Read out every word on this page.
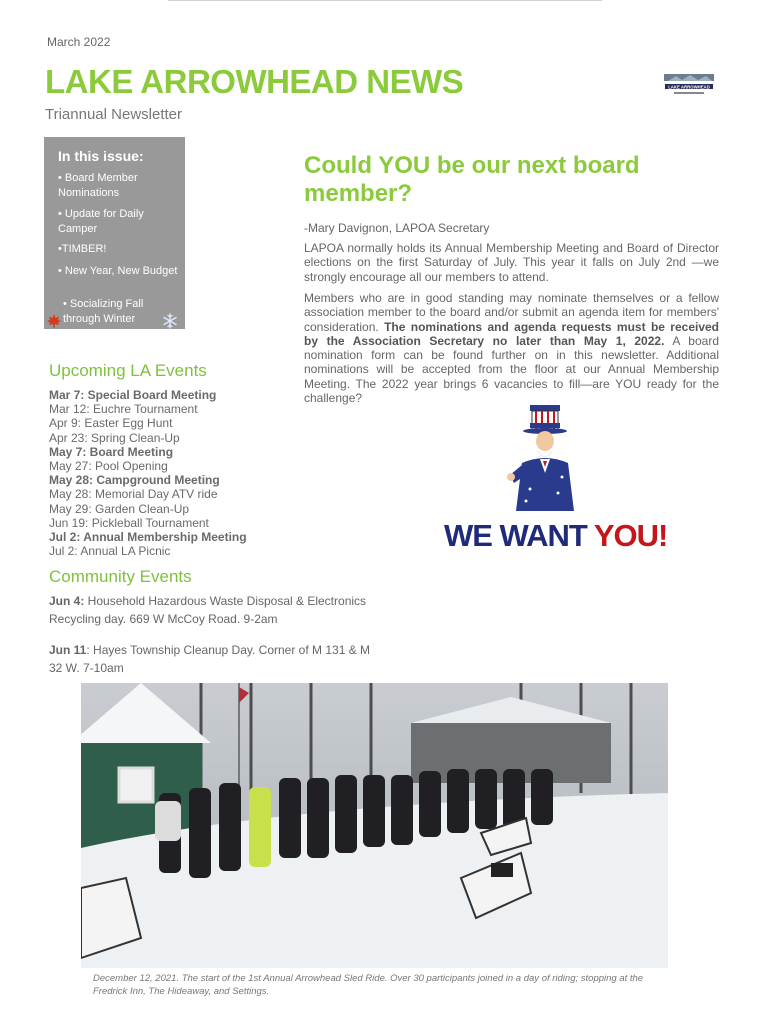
March 2022
LAKE ARROWHEAD NEWS
Triannual Newsletter
LAKE ARROWHEAD
In this issue:
• Board Member Nominations
• Update for Daily Camper
•TIMBER!
• New Year, New Budget
• Socializing Fall through Winter
Upcoming LA Events
Mar 7: Special Board Meeting
Mar 12: Euchre Tournament
Apr 9: Easter Egg Hunt
Apr 23: Spring Clean-Up
May 7: Board Meeting
May 27: Pool Opening
May 28: Campground Meeting
May 28: Memorial Day ATV ride
May 29: Garden Clean-Up
Jun 19: Pickleball Tournament
Jul 2: Annual Membership Meeting
Jul 2: Annual LA Picnic
Community Events
Jun 4: Household Hazardous Waste Disposal & Electronics
Recycling day. 669 W McCoy Road. 9-2am
Jun 11: Hayes Township Cleanup Day. Corner of M 131 & M
32 W. 7-10am
Could YOU be our next board member?
-Mary Davignon, LAPOA Secretary
LAPOA normally holds its Annual Membership Meeting and Board of Director elections on the first Saturday of July. This year it falls on July 2nd —we strongly encourage all our members to attend.
Members who are in good standing may nominate themselves or a fellow association member to the board and/or submit an agenda item for members' consideration. The nominations and agenda requests must be received by the Association Secretary no later than May 1, 2022. A board nomination form can be found further on in this newsletter. Additional nominations will be accepted from the floor at our Annual Membership Meeting. The 2022 year brings 6 vacancies to fill—are YOU ready for the challenge?
WE WANT YOU!
December 12, 2021. The start of the 1st Annual Arrowhead Sled Ride. Over 30 participants joined in a day of riding; stopping at the Fredrick Inn, The Hideaway, and Settings.
